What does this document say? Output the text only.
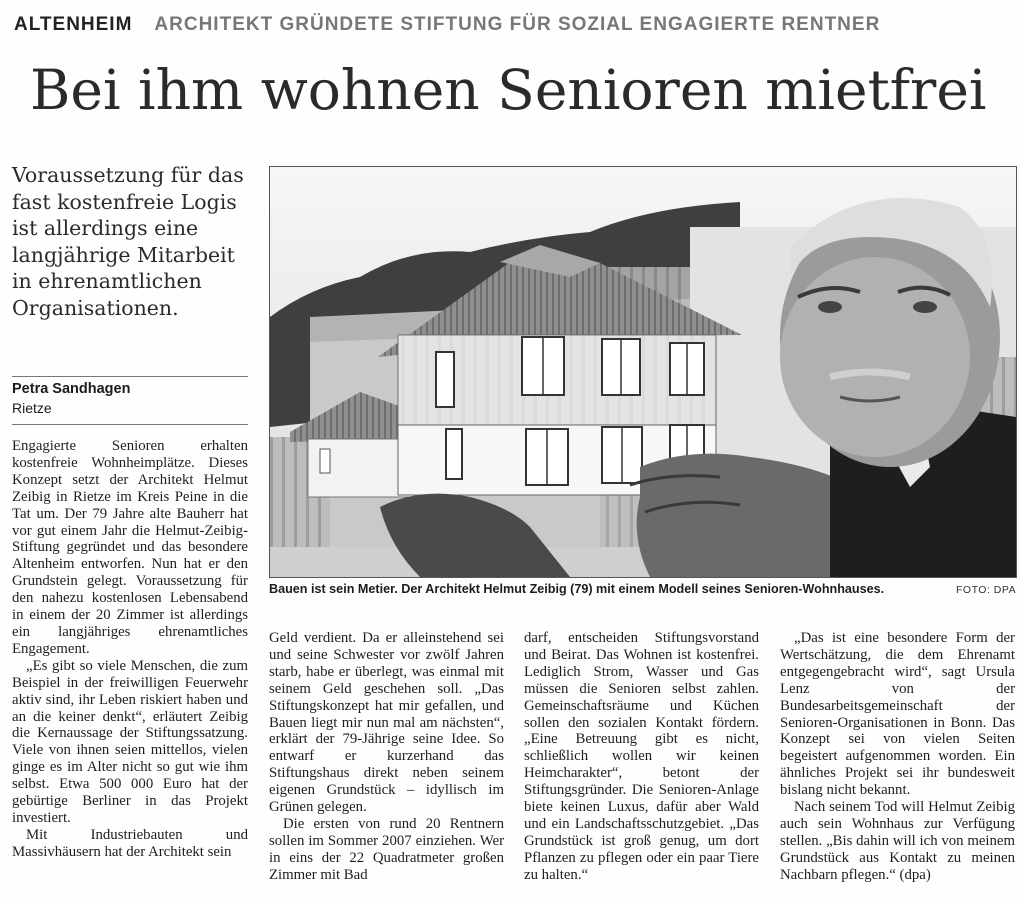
ALTENHEIM ARCHITEKT GRÜNDETE STIFTUNG FÜR SOZIAL ENGAGIERTE RENTNER
Bei ihm wohnen Senioren mietfrei
Voraussetzung für das fast kostenfreie Logis ist allerdings eine langjährige Mitarbeit in ehrenamtlichen Organisationen.
Petra Sandhagen
Rietze
Bauen ist sein Metier. Der Architekt Helmut Zeibig (79) mit einem Modell seines Senioren-Wohnhauses.	FOTO: DPA

Engagierte Senioren erhalten kostenfreie Wohnheimplätze. Dieses Konzept setzt der Architekt Helmut Zeibig in Rietze im Kreis Peine in die Tat um. Der 79 Jahre alte Bauherr hat vor gut einem Jahr die Helmut-Zeibig-Stiftung gegründet und das besondere Altenheim entworfen. Nun hat er den Grundstein gelegt. Voraussetzung für den nahezu kostenlosen Lebensabend in einem der 20 Zimmer ist allerdings ein langjähriges ehrenamtliches Engagement.

„Es gibt so viele Menschen, die zum Beispiel in der freiwilligen Feuerwehr aktiv sind, ihr Leben riskiert haben und an die keiner denkt“, erläutert Zeibig die Kernaussage der Stiftungssatzung. Viele von ihnen seien mittellos, vielen ginge es im Alter nicht so gut wie ihm selbst. Etwa 500 000 Euro hat der gebürtige Berliner in das Projekt investiert.

Mit Industriebauten und Massivhäusern hat der Architekt sein

Geld verdient. Da er alleinstehend sei und seine Schwester vor zwölf Jahren starb, habe er überlegt, was einmal mit seinem Geld geschehen soll. „Das Stiftungskonzept hat mir gefallen, und Bauen liegt mir nun mal am nächsten“, erklärt der 79-Jährige seine Idee. So entwarf er kurzerhand das Stiftungshaus direkt neben seinem eigenen Grundstück – idyllisch im Grünen gelegen.

Die ersten von rund 20 Rentnern sollen im Sommer 2007 einziehen. Wer in eins der 22 Quadratmeter großen Zimmer mit Bad

darf, entscheiden Stiftungsvorstand und Beirat. Das Wohnen ist kostenfrei. Lediglich Strom, Wasser und Gas müssen die Senioren selbst zahlen. Gemeinschaftsräume und Küchen sollen den sozialen Kontakt fördern. „Eine Betreuung gibt es nicht, schließlich wollen wir keinen Heimcharakter“, betont der Stiftungsgründer. Die Senioren-Anlage biete keinen Luxus, dafür aber Wald und ein Landschaftsschutzgebiet. „Das Grundstück ist groß genug, um dort Pflanzen zu pflegen oder ein paar Tiere zu halten.“

„Das ist eine besondere Form der Wertschätzung, die dem Ehrenamt entgegengebracht wird“, sagt Ursula Lenz von der Bundesarbeitsgemeinschaft der Senioren-Organisationen in Bonn. Das Konzept sei von vielen Seiten begeistert aufgenommen worden. Ein ähnliches Projekt sei ihr bundesweit bislang nicht bekannt.

Nach seinem Tod will Helmut Zeibig auch sein Wohnhaus zur Verfügung stellen. „Bis dahin will ich von meinem Grundstück aus Kontakt zu meinen Nachbarn pflegen.“ (dpa)
